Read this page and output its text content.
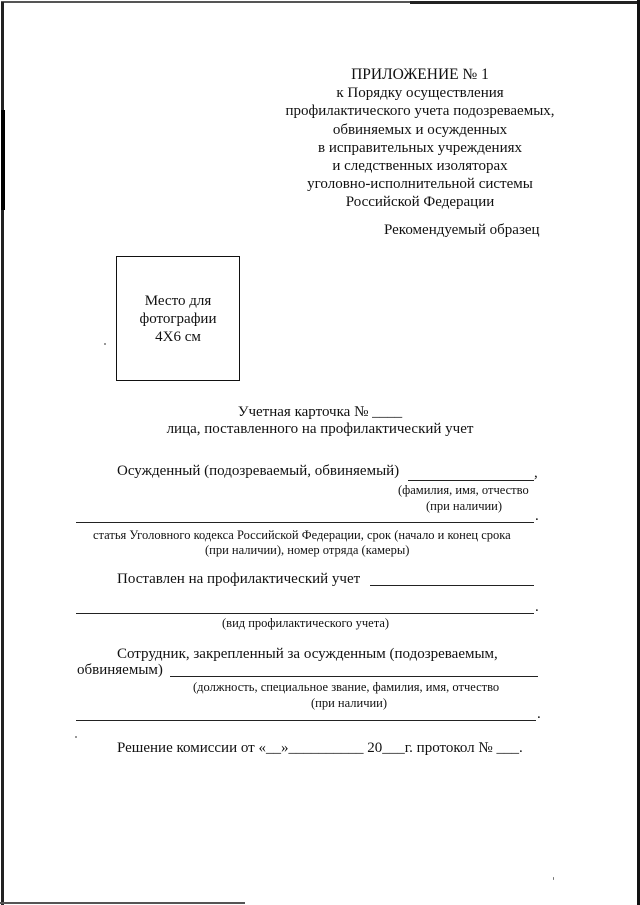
ПРИЛОЖЕНИЕ № 1
к Порядку осуществления
профилактического учета подозреваемых,
обвиняемых и осужденных
в исправительных учреждениях
и следственных изоляторах
уголовно-исполнительной системы
Российской Федерации
Рекомендуемый образец
Место для
фотографии
4Х6 см
Учетная карточка № ____
лица, поставленного на профилактический учет
Осужденный (подозреваемый, обвиняемый)	,
(фамилия, имя, отчество
(при наличии)
.
статья Уголовного кодекса Российской Федерации, срок (начало и конец срока
(при наличии), номер отряда (камеры)
Поставлен на профилактический учет
.
(вид профилактического учета)
Сотрудник, закрепленный за осужденным (подозреваемым,
обвиняемым)
(должность, специальное звание, фамилия, имя, отчество
(при наличии)
.
Решение комиссии от «__»__________ 20___г. протокол № ___.
